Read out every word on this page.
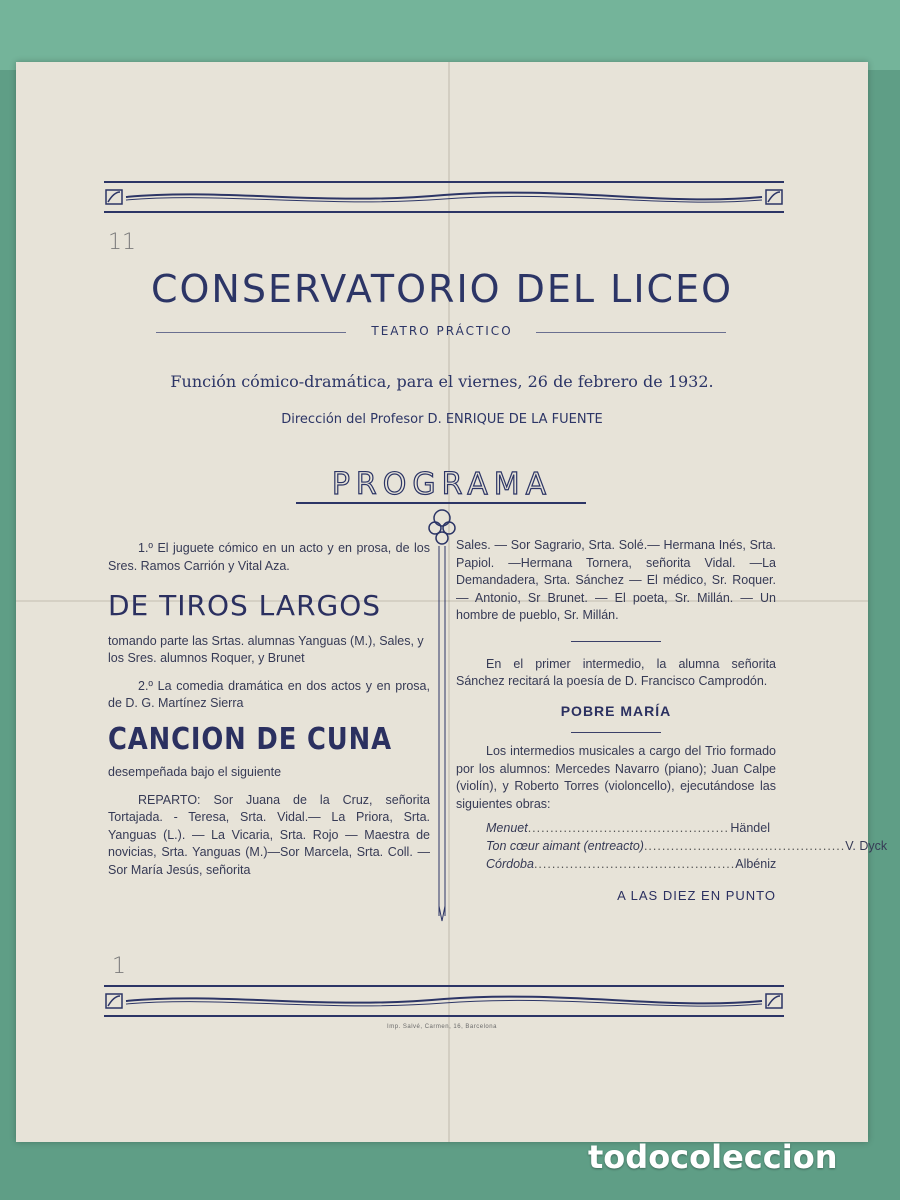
11
CONSERVATORIO DEL LICEO
TEATRO PRÁCTICO
Función cómico-dramática, para el viernes, 26 de febrero de 1932.
Dirección del Profesor D. ENRIQUE DE LA FUENTE
PROGRAMA

1.º El juguete cómico en un acto y en prosa, de los Sres. Ramos Carrión y Vital Aza.

DE TIROS LARGOS

tomando parte las Srtas. alumnas Yanguas (M.), Sales, y los Sres. alumnos Roquer, y Brunet

2.º La comedia dramática en dos actos y en prosa, de D. G. Martínez Sierra

CANCION DE CUNA

desempeñada bajo el siguiente

REPARTO: Sor Juana de la Cruz, señorita Tortajada. - Teresa, Srta. Vidal.— La Priora, Srta. Yanguas (L.). — La Vicaria, Srta. Rojo — Maestra de novicias, Srta. Yanguas (M.)—Sor Marcela, Srta. Coll. —Sor María Jesús, señorita

Sales. — Sor Sagrario, Srta. Solé.— Hermana Inés, Srta. Papiol. —Hermana Tornera, señorita Vidal. —La Demandadera, Srta. Sánchez — El médico, Sr. Roquer. — Antonio, Sr Brunet. — El poeta, Sr. Millán. — Un hombre de pueblo, Sr. Millán.

En el primer intermedio, la alumna señorita Sánchez recitará la poesía de D. Francisco Camprodón.

POBRE MARÍA

Los intermedios musicales a cargo del Trio formado por los alumnos: Mercedes Navarro (piano); Juan Calpe (violín), y Roberto Torres (violoncello), ejecutándose las siguientes obras:

Menuet ............................................. Händel
Ton cœur aimant (entreacto) ............................................. V. Dyck
Córdoba ............................................. Albéniz
A LAS DIEZ EN PUNTO
1
Imp. Salvé, Carmen, 16, Barcelona
todocoleccion
